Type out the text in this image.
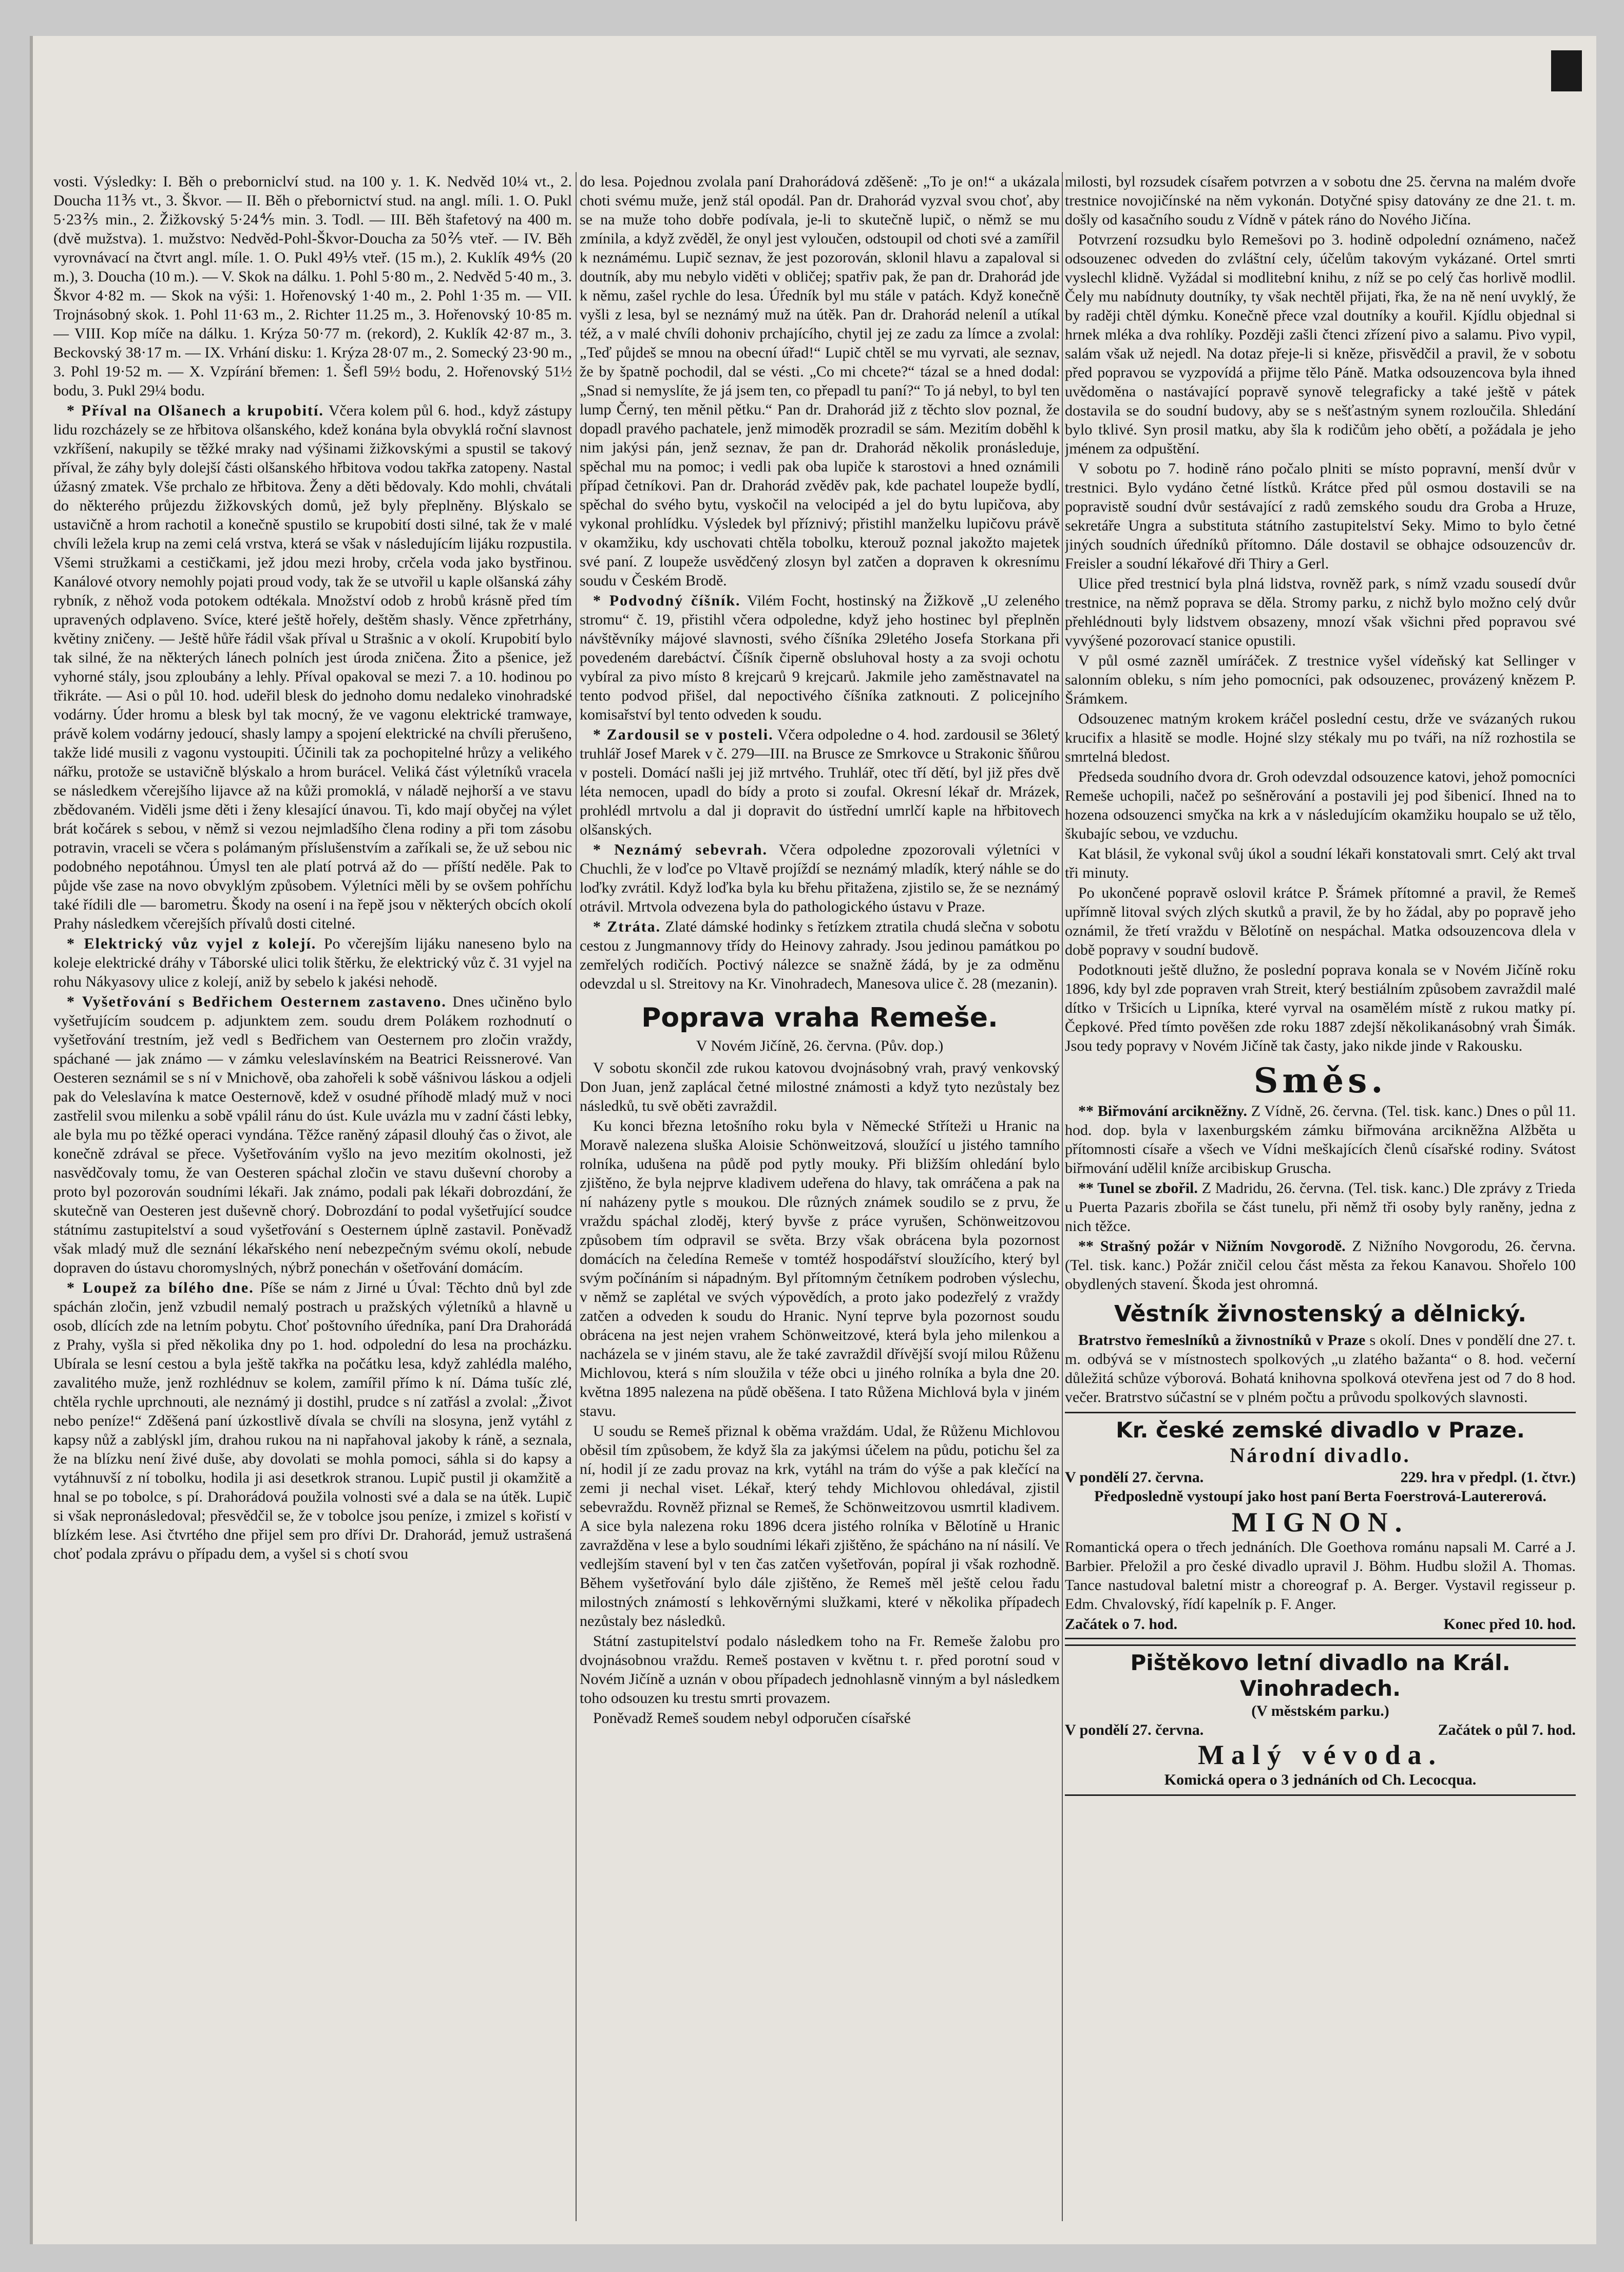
vosti. Výsledky: I. Běh o preborniclví stud. na 100 y. 1. K. Nedvěd 10¼ vt., 2. Doucha 11⅗ vt., 3. Škvor. — II. Běh o přebornictví stud. na angl. míli. 1. O. Pukl 5·23⅖ min., 2. Žižkovský 5·24⅘ min. 3. Todl. — III. Běh štafetový na 400 m. (dvě mužstva). 1. mužstvo: Nedvěd-Pohl-Škvor-Doucha za 50⅖ vteř. — IV. Běh vyrovnávací na čtvrt angl. míle. 1. O. Pukl 49⅕ vteř. (15 m.), 2. Kuklík 49⅘ (20 m.), 3. Doucha (10 m.). — V. Skok na dálku. 1. Pohl 5·80 m., 2. Nedvěd 5·40 m., 3. Škvor 4·82 m. — Skok na výši: 1. Hořenovský 1·40 m., 2. Pohl 1·35 m. — VII. Trojnásobný skok. 1. Pohl 11·63 m., 2. Richter 11.25 m., 3. Hořenovský 10·85 m. — VIII. Kop míče na dálku. 1. Krýza 50·77 m. (rekord), 2. Kuklík 42·87 m., 3. Beckovský 38·17 m. — IX. Vrhání disku: 1. Krýza 28·07 m., 2. Somecký 23·90 m., 3. Pohl 19·52 m. — X. Vzpírání břemen: 1. Šefl 59½ bodu, 2. Hořenovský 51½ bodu, 3. Pukl 29¼ bodu.

* Příval na Olšanech a krupobití. Včera kolem půl 6. hod., když zástupy lidu rozcházely se ze hřbitova olšanského, kdež konána byla obvyklá roční slavnost vzkříšení, nakupily se těžké mraky nad výšinami žižkovskými a spustil se takový příval, že záhy byly dolejší části olšanského hřbitova vodou takřka zatopeny. Nastal úžasný zmatek. Vše prchalo ze hřbitova. Ženy a děti bědovaly. Kdo mohli, chvátali do některého průjezdu žižkovských domů, jež byly přeplněny. Blýskalo se ustavičně a hrom rachotil a konečně spustilo se krupobití dosti silné, tak že v malé chvíli ležela krup na zemi celá vrstva, která se však v následujícím lijáku rozpustila. Všemi stružkami a cestičkami, jež jdou mezi hroby, crčela voda jako bystřinou. Kanálové otvory nemohly pojati proud vody, tak že se utvořil u kaple olšanská záhy rybník, z něhož voda potokem odtékala. Množství odob z hrobů krásně před tím upravených odplaveno. Svíce, které ještě hořely, deštěm shasly. Věnce zpřetrhány, květiny zničeny. — Ještě hůře řádil však příval u Strašnic a v okolí. Krupobití bylo tak silné, že na některých lánech polních jest úroda zničena. Žito a pšenice, jež vyhorné stály, jsou zploubány a lehly. Příval opakoval se mezi 7. a 10. hodinou po třikráte. — Asi o půl 10. hod. udeřil blesk do jednoho domu nedaleko vinohradské vodárny. Úder hromu a blesk byl tak mocný, že ve vagonu elektrické tramwaye, právě kolem vodárny jedoucí, shasly lampy a spojení elektrické na chvíli přerušeno, takže lidé musili z vagonu vystoupiti. Účinili tak za pochopitelné hrůzy a velikého nářku, protože se ustavičně blýskalo a hrom burácel. Veliká část výletníků vracela se následkem včerejšího lijavce až na kůži promoklá, v náladě nejhorší a ve stavu zbědovaném. Viděli jsme děti i ženy klesající únavou. Ti, kdo mají obyčej na výlet brát kočárek s sebou, v němž si vezou nejmladšího člena rodiny a při tom zásobu potravin, vraceli se včera s polámaným příslušenstvím a zaříkali se, že už sebou nic podobného nepotáhnou. Úmysl ten ale platí potrvá až do — příští neděle. Pak to půjde vše zase na novo obvyklým způsobem. Výletníci měli by se ovšem pohříchu také řídili dle — barometru. Škody na osení i na řepě jsou v některých obcích okolí Prahy následkem včerejších přívalů dosti citelné.

* Elektrický vůz vyjel z kolejí. Po včerejším lijáku naneseno bylo na koleje elektrické dráhy v Táborské ulici tolik štěrku, že elektrický vůz č. 31 vyjel na rohu Nákyasovy ulice z kolejí, aniž by sebelo k jakési nehodě.

* Vyšetřování s Bedřichem Oesternem zastaveno. Dnes učiněno bylo vyšetřujícím soudcem p. adjunktem zem. soudu drem Polákem rozhodnutí o vyšetřování trestním, jež vedl s Bedřichem van Oesternem pro zločin vraždy, spáchané — jak známo — v zámku veleslavínském na Beatrici Reissnerové. Van Oesteren seznámil se s ní v Mnichově, oba zahořeli k sobě vášnivou láskou a odjeli pak do Veleslavína k matce Oesternově, kdež v osudné příhodě mladý muž v noci zastřelil svou milenku a sobě vpálil ránu do úst. Kule uvázla mu v zadní části lebky, ale byla mu po těžké operaci vyndána. Těžce raněný zápasil dlouhý čas o život, ale konečně zdrával se přece. Vyšetřováním vyšlo na jevo mezitím okolnosti, jež nasvědčovaly tomu, že van Oesteren spáchal zločin ve stavu duševní choroby a proto byl pozorován soudními lékaři. Jak známo, podali pak lékaři dobrozdání, že skutečně van Oesteren jest duševně chorý. Dobrozdání to podal vyšetřující soudce státnímu zastupitelství a soud vyšetřování s Oesternem úplně zastavil. Poněvadž však mladý muž dle seznání lékařského není nebezpečným svému okolí, nebude dopraven do ústavu choromyslných, nýbrž ponechán v ošetřování domácím.

* Loupež za bílého dne. Píše se nám z Jirné u Úval: Těchto dnů byl zde spáchán zločin, jenž vzbudil nemalý postrach u pražských výletníků a hlavně u osob, dlících zde na letním pobytu. Choť poštovního úředníka, paní Dra Drahorádá z Prahy, vyšla si před několika dny po 1. hod. odpolední do lesa na procházku. Ubírala se lesní cestou a byla ještě takřka na počátku lesa, když zahlédla malého, zavalitého muže, jenž rozhlédnuv se kolem, zamířil přímo k ní. Dáma tušíc zlé, chtěla rychle uprchnouti, ale neznámý ji dostihl, prudce s ní zatřásl a zvolal: „Život nebo peníze!“ Zděšená paní úzkostlivě dívala se chvíli na slosyna, jenž vytáhl z kapsy nůž a zablýskl jím, drahou rukou na ni napřahoval jakoby k ráně, a seznala, že na blízku není živé duše, aby dovolati se mohla pomoci, sáhla si do kapsy a vytáhnuvší z ní tobolku, hodila ji asi desetkrok stranou. Lupič pustil ji okamžitě a hnal se po tobolce, s pí. Drahorádová použila volnosti své a dala se na útěk. Lupič si však nepronásledoval; přesvědčil se, že v tobolce jsou peníze, i zmizel s kořistí v blízkém lese. Asi čtvrtého dne přijel sem pro dřívi Dr. Drahorád, jemuž ustrašená choť podala zprávu o případu dem, a vyšel si s chotí svou

do lesa. Pojednou zvolala paní Drahorádová zděšeně: „To je on!“ a ukázala choti svému muže, jenž stál opodál. Pan dr. Drahorád vyzval svou choť, aby se na muže toho dobře podívala, je-li to skutečně lupič, o němž se mu zmínila, a když zvěděl, že onyl jest vyloučen, odstoupil od choti své a zamířil k neznámému. Lupič seznav, že jest pozorován, sklonil hlavu a zapaloval si doutník, aby mu nebylo viděti v obličej; spatřiv pak, že pan dr. Drahorád jde k němu, zašel rychle do lesa. Úředník byl mu stále v patách. Když konečně vyšli z lesa, byl se neznámý muž na útěk. Pan dr. Drahorád neleníl a utíkal též, a v malé chvíli dohoniv prchajícího, chytil jej ze zadu za límce a zvolal: „Teď půjdeš se mnou na obecní úřad!“ Lupič chtěl se mu vyrvati, ale seznav, že by špatně pochodil, dal se vésti. „Co mi chcete?“ tázal se a hned dodal: „Snad si nemyslíte, že já jsem ten, co přepadl tu paní?“ To já nebyl, to byl ten lump Černý, ten měnil pětku.“ Pan dr. Drahorád již z těchto slov poznal, že dopadl pravého pachatele, jenž mimoděk prozradil se sám. Mezitím doběhl k nim jakýsi pán, jenž seznav, že pan dr. Drahorád několik pronásleduje, spěchal mu na pomoc; i vedli pak oba lupiče k starostovi a hned oznámili případ četníkovi. Pan dr. Drahorád zvěděv pak, kde pachatel loupeže bydlí, spěchal do svého bytu, vyskočil na velocipéd a jel do bytu lupičova, aby vykonal prohlídku. Výsledek byl příznivý; přistihl manželku lupičovu právě v okamžiku, kdy uschovati chtěla tobolku, kterouž poznal jakožto majetek své paní. Z loupeže usvědčený zlosyn byl zatčen a dopraven k okresnímu soudu v Českém Brodě.

* Podvodný číšník. Vilém Focht, hostinský na Žižkově „U zeleného stromu“ č. 19, přistihl včera odpoledne, když jeho hostinec byl přeplněn návštěvníky májové slavnosti, svého číšníka 29letého Josefa Storkana při povedeném darebáctví. Číšník čiperně obsluhoval hosty a za svoji ochotu vybíral za pivo místo 8 krejcarů 9 krejcarů. Jakmile jeho zaměstnavatel na tento podvod přišel, dal nepoctivého číšníka zatknouti. Z policejního komisařství byl tento odveden k soudu.

* Zardousil se v posteli. Včera odpoledne o 4. hod. zardousil se 36letý truhlář Josef Marek v č. 279—III. na Brusce ze Smrkovce u Strakonic šňůrou v posteli. Domácí našli jej již mrtvého. Truhlář, otec tří dětí, byl již přes dvě léta nemocen, upadl do bídy a proto si zoufal. Okresní lékař dr. Mrázek, prohlédl mrtvolu a dal ji dopravit do ústřední umrlčí kaple na hřbitovech olšanských.

* Neznámý sebevrah. Včera odpoledne zpozorovali výletníci v Chuchli, že v loďce po Vltavě projíždí se neznámý mladík, který náhle se do loďky zvrátil. Když loďka byla ku břehu přitažena, zjistilo se, že se neznámý otrávil. Mrtvola odvezena byla do pathologického ústavu v Praze.

* Ztráta. Zlaté dámské hodinky s řetízkem ztratila chudá slečna v sobotu cestou z Jungmannovy třídy do Heinovy zahrady. Jsou jedinou památkou po zemřelých rodičích. Poctivý nálezce se snažně žádá, by je za odměnu odevzdal u sl. Streitovy na Kr. Vinohradech, Manesova ulice č. 28 (mezanin).

Poprava vraha Remeše.
V Novém Jičíně, 26. června. (Pův. dop.)

V sobotu skončil zde rukou katovou dvojnásobný vrah, pravý venkovský Don Juan, jenž zaplácal četné milostné známosti a když tyto nezůstaly bez následků, tu svě oběti zavraždil.

Ku konci března letošního roku byla v Německé Stříteži u Hranic na Moravě nalezena sluška Aloisie Schönweitzová, sloužící u jistého tamního rolníka, udušena na půdě pod pytly mouky. Při bližším ohledání bylo zjištěno, že byla nejprve kladivem udeřena do hlavy, tak omráčena a pak na ní naházeny pytle s moukou. Dle různých známek soudilo se z prvu, že vraždu spáchal zloděj, který byvše z práce vyrušen, Schönweitzovou způsobem tím odpravil se světa. Brzy však obrácena byla pozornost domácích na čeledína Remeše v tomtéž hospodářství sloužícího, který byl svým počínáním si nápadným. Byl přítomným četníkem podroben výslechu, v němž se zaplétal ve svých výpovědích, a proto jako podezřelý z vraždy zatčen a odveden k soudu do Hranic. Nyní teprve byla pozornost soudu obrácena na jest nejen vrahem Schönweitzové, která byla jeho milenkou a nacházela se v jiném stavu, ale že také zavraždil dřívější svojí milou Růženu Michlovou, která s ním sloužila v téže obci u jiného rolníka a byla dne 20. května 1895 nalezena na půdě oběšena. I tato Růžena Michlová byla v jiném stavu.

U soudu se Remeš přiznal k oběma vraždám. Udal, že Růženu Michlovou oběsil tím způsobem, že když šla za jakýmsi účelem na půdu, potichu šel za ní, hodil jí ze zadu provaz na krk, vytáhl na trám do výše a pak klečící na zemi ji nechal viset. Lékař, který tehdy Michlovou ohledával, zjistil sebevraždu. Rovněž přiznal se Remeš, že Schönweitzovou usmrtil kladivem. A sice byla nalezena roku 1896 dcera jistého rolníka v Bělotíně u Hranic zavražděna v lese a bylo soudními lékaři zjištěno, že spácháno na ní násilí. Ve vedlejším stavení byl v ten čas zatčen vyšetřován, popíral ji však rozhodně. Během vyšetřování bylo dále zjištěno, že Remeš měl ještě celou řadu milostných známostí s lehkověrnými služkami, které v několika případech nezůstaly bez následků.

Státní zastupitelství podalo následkem toho na Fr. Remeše žalobu pro dvojnásobnou vraždu. Remeš postaven v květnu t. r. před porotní soud v Novém Jičíně a uznán v obou případech jednohlasně vinným a byl následkem toho odsouzen ku trestu smrti provazem.

Poněvadž Remeš soudem nebyl odporučen císařské

milosti, byl rozsudek císařem potvrzen a v sobotu dne 25. června na malém dvoře trestnice novojičínské na něm vykonán. Dotyčné spisy datovány ze dne 21. t. m. došly od kasačního soudu z Vídně v pátek ráno do Nového Jičína.

Potvrzení rozsudku bylo Remešovi po 3. hodině odpolední oznámeno, načež odsouzenec odveden do zvláštní cely, účelům takovým vykázané. Ortel smrti vyslechl klidně. Vyžádal si modlitební knihu, z níž se po celý čas horlivě modlil. Čely mu nabídnuty doutníky, ty však nechtěl přijati, řka, že na ně není uvyklý, že by raději chtěl dýmku. Konečně přece vzal doutníky a kouřil. Kjídlu objednal si hrnek mléka a dva rohlíky. Později zašli čtenci zřízení pivo a salamu. Pivo vypil, salám však už nejedl. Na dotaz přeje-li si kněze, přisvědčil a pravil, že v sobotu před popravou se vyzpovídá a přijme tělo Páně. Matka odsouzencova byla ihned uvědoměna o nastávající popravě synově telegraficky a také ještě v pátek dostavila se do soudní budovy, aby se s nešťastným synem rozloučila. Shledání bylo tklivé. Syn prosil matku, aby šla k rodičům jeho obětí, a požádala je jeho jménem za odpuštění.

V sobotu po 7. hodině ráno počalo plniti se místo popravní, menší dvůr v trestnici. Bylo vydáno četné lístků. Krátce před půl osmou dostavili se na popravistě soudní dvůr sestávající z radů zemského soudu dra Groba a Hruze, sekretáře Ungra a substituta státního zastupitelství Seky. Mimo to bylo četné jiných soudních úředníků přítomno. Dále dostavil se obhajce odsouzencův dr. Freisler a soudní lékařové dři Thiry a Gerl.

Ulice před trestnicí byla plná lidstva, rovněž park, s nímž vzadu sousedí dvůr trestnice, na němž popravа se děla. Stromy parku, z nichž bylo možno celý dvůr přehlédnouti byly lidstvem obsazeny, mnozí však všichni před popravou své vyvýšené pozorovací stanice opustili.

V půl osmé zazněl umíráček. Z trestnice vyšel vídeňský kat Sellinger v salonním obleku, s ním jeho pomocníci, pak odsouzenec, provázený knězem P. Šrámkem.

Odsouzenec matným krokem kráčel poslední cestu, drže ve svázaných rukou krucifix a hlasitě se modle. Hojné slzy stékaly mu po tváři, na níž rozhostila se smrtelná bledost.

Předseda soudního dvora dr. Groh odevzdal odsouzence katovi, jehož pomocníci Remeše uchopili, načež po sešněrování a postavili jej pod šibenicí. Ihned na to hozena odsouzenci smyčka na krk a v následujícím okamžiku houpalo se už tělo, škubajíc sebou, ve vzduchu.

Kat blásil, že vykonal svůj úkol a soudní lékaři konstatovali smrt. Celý akt trval tři minuty.

Po ukončené popravě oslovil krátce P. Šrámek přítomné a pravil, že Remeš upřímně litoval svých zlých skutků a pravil, že by ho žádal, aby po popravě jeho oznámil, že třetí vraždu v Bělotíně on nespáchal. Matka odsouzencova dlela v době popravy v soudní budově.

Podotknouti ještě dlužno, že poslední poprava konala se v Novém Jičíně roku 1896, kdy byl zde popraven vrah Streit, který bestiálním způsobem zavraždil malé dítko v Tršicích u Lipníka, které vyrval na osamělém místě z rukou matky pí. Čepkové. Před tímto pověšen zde roku 1887 zdejší několikanásobný vrah Šimák. Jsou tedy popravy v Novém Jičíně tak časty, jako nikde jinde v Rakousku.

Směs.

** Biřmování arcikněžny. Z Vídně, 26. června. (Tel. tisk. kanc.) Dnes o půl 11. hod. dop. byla v laxenburgském zámku biřmována arcikněžna Alžběta u přítomnosti císaře a všech ve Vídni meškajících členů císařské rodiny. Svátost biřmování udělil kníže arcibiskup Gruscha.

** Tunel se zbořil. Z Madridu, 26. června. (Tel. tisk. kanc.) Dle zprávy z Trieda u Puerta Pazaris zbořila se část tunelu, při němž tři osoby byly raněny, jedna z nich těžce.

** Strašný požár v Nižním Novgorodě. Z Nižního Novgorodu, 26. června. (Tel. tisk. kanc.) Požár zničil celou část města za řekou Kanavou. Shořelo 100 obydlených stavení. Škoda jest ohromná.

Věstník živnostenský a dělnický.

Bratrstvo řemeslníků a živnostníků v Praze s okolí. Dnes v pondělí dne 27. t. m. odbývá se v místnostech spolkových „u zlatého bažanta“ o 8. hod. večerní důležitá schůze výborová. Bohatá knihovna spolková otevřena jest od 7 do 8 hod. večer. Bratrstvo súčastní se v plném počtu a průvodu spolkových slavnosti.

Kr. české zemské divadlo v Praze.
Národní divadlo.
V pondělí 27. června.	229. hra v předpl. (1. čtvr.)

Předposledně vystoupí jako host paní Berta Foerstrová-Lautererová.

MIGNON.

Romantická opera o třech jednáních. Dle Goethova románu napsali M. Carré a J. Barbier. Přeložil a pro české divadlo upravil J. Böhm. Hudbu složil A. Thomas. Tance nastudoval baletní mistr a choreograf p. A. Berger. Vystavil regisseur p. Edm. Chvalovský, řídí kapelník p. F. Anger.

Začátek o 7. hod.	Konec před 10. hod.
Pištěkovo letní divadlo na Král. Vinohradech.
(V městském parku.)
V pondělí 27. června.	Začátek o půl 7. hod.
Malý vévoda.

Komická opera o 3 jednáních od Ch. Lecocqua.
